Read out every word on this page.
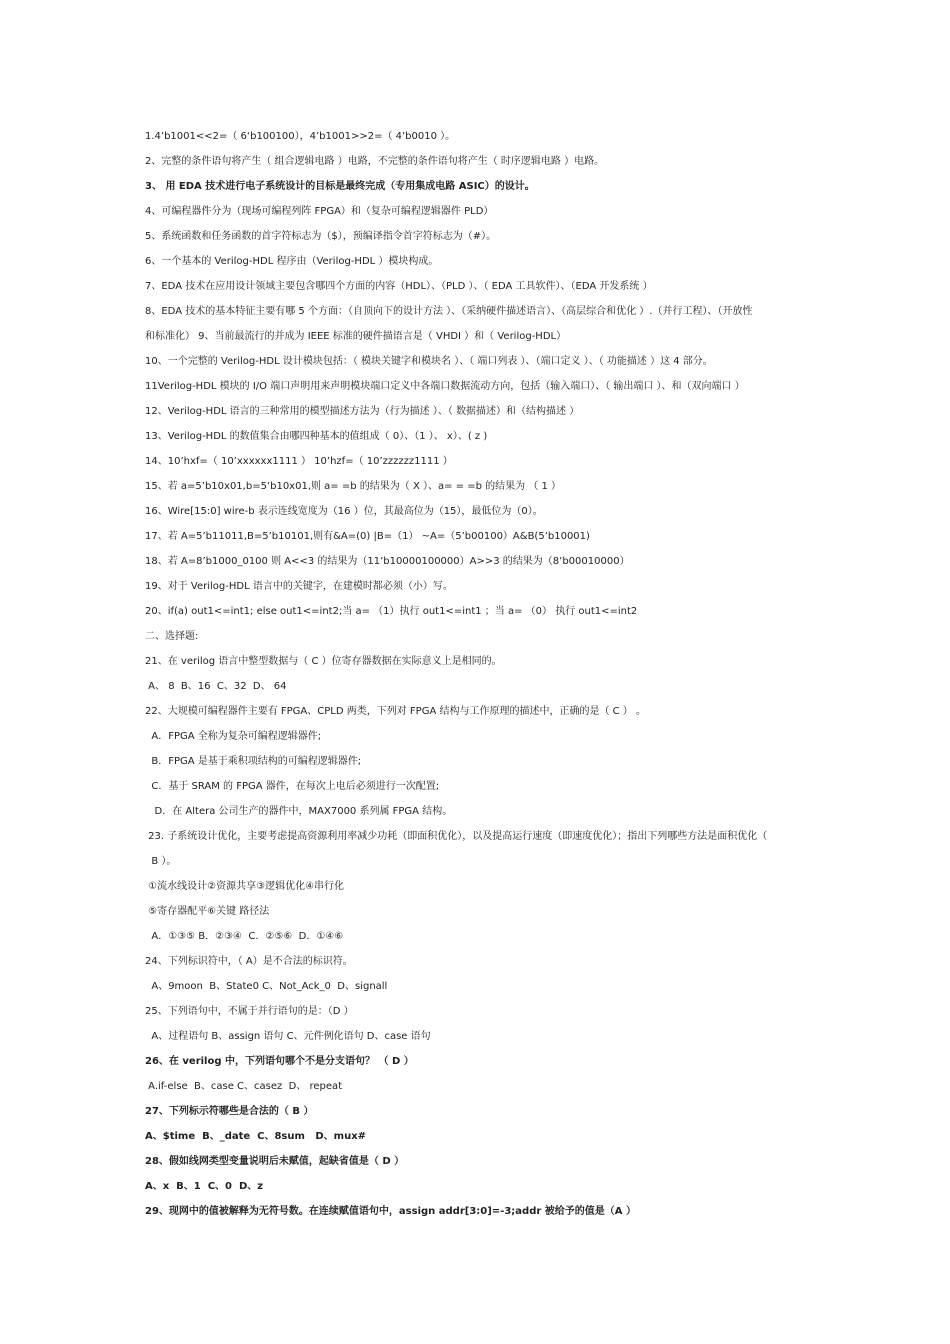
1.4’b1001<<2=（ 6‘b100100），4’b1001>>2=（ 4’b0010 ）。
2、完整的条件语句将产生（ 组合逻辑电路 ）电路，不完整的条件语句将产生（ 时序逻辑电路 ）电路。
3、 用 EDA 技术进行电子系统设计的目标是最终完成（专用集成电路 ASIC）的设计。
4、可编程器件分为（现场可编程列阵 FPGA）和（复杂可编程逻辑器件 PLD）
5、系统函数和任务函数的首字符标志为（$），预编译指令首字符标志为（#）。
6、一个基本的 Verilog-HDL 程序由（Verilog-HDL ）模块构成。
7、EDA 技术在应用设计领域主要包含哪四个方面的内容（HDL）、（PLD ）、（ EDA 工具软件）、（EDA 开发系统 ）
8、EDA 技术的基本特征主要有哪 5 个方面：（自顶向下的设计方法 ）、（采纳硬件描述语言）、（高层综合和优化 ）.（并行工程）、（开放性
和标准化） 9、当前最流行的并成为 IEEE 标准的硬件描语言是（ VHDI ）和（ Verilog-HDL）
10、一个完整的 Verilog-HDL 设计模块包括：（ 模块关键字和模块名 ）、（ 端口列表 ）、（端口定义 ）、（ 功能描述 ）这 4 部分。
11Verilog-HDL 模块的 I/O 端口声明用来声明模块端口定义中各端口数据流动方向，包括（输入端口）、（ 输出端口 ）、和（双向端口 ）
12、Verilog-HDL 语言的三种常用的模型描述方法为（行为描述 ）、（ 数据描述）和（结构描述 ）
13、Verilog-HDL 的数值集合由哪四种基本的值组成（ 0）、（1 ）、 x）、( z )
14、10’hxf=（ 10’xxxxxx1111 ） 10’hzf=（ 10’zzzzzz1111 ）
15、若 a=5’b10x01,b=5’b10x01,则 a= =b 的结果为（ X ）、a= = =b 的结果为 （ 1 ）
16、Wire[15:0] wire-b 表示连线宽度为（16 ）位，其最高位为（15），最低位为（0）。
17、若 A=5’b11011,B=5’b10101,则有&A=(0) |B=（1） ~A=（5’b00100）A&B(5’b10001)
18、若 A=8’b1000_0100 则 A<<3 的结果为（11’b10000100000）A>>3 的结果为（8’b00010000）
19、对于 Verilog-HDL 语言中的关键字，在建模时都必须（小）写。
20、if(a) out1<=int1; else out1<=int2;当 a= （1）执行 out1<=int1 ；当 a= （0） 执行 out1<=int2
二、选择题:
21、在 verilog 语言中整型数据与（ C ）位寄存器数据在实际意义上是相同的。
A、 8  B、16  C、32  D、 64
22、大规模可编程器件主要有 FPGA、CPLD 两类，下列对 FPGA 结构与工作原理的描述中，正确的是（ C ） 。
A．FPGA 全称为复杂可编程逻辑器件;
B．FPGA 是基于乘积项结构的可编程逻辑器件;
C．基于 SRAM 的 FPGA 器件，在每次上电后必须进行一次配置;
D．在 Altera 公司生产的器件中，MAX7000 系列属 FPGA 结构。
23. 子系统设计优化，主要考虑提高资源利用率减少功耗（即面积优化），以及提高运行速度（即速度优化）；指出下列哪些方法是面积优化（
B ）。
①流水线设计②资源共享③逻辑优化④串行化
⑤寄存器配平⑥关键 路径法
A．①③⑤ B．②③④  C．②⑤⑥  D．①④⑥
24、下列标识符中，（ A）是不合法的标识符。
A、9moon  B、State0 C、Not_Ack_0  D、signall
25、下列语句中，不属于并行语句的是：（D ）
A、过程语句 B、assign 语句 C、元件例化语句 D、case 语句
26、在 verilog 中，下列语句哪个不是分支语句？ （ D ）
A.if-else  B、case C、casez  D、 repeat
27、下列标示符哪些是合法的（ B ）
A、$time  B、_date  C、8sum   D、mux#
28、假如线网类型变量说明后未赋值，起缺省值是（ D ）
A、x  B、1  C、0  D、z
29、现网中的值被解释为无符号数。在连续赋值语句中，assign addr[3:0]=-3;addr 被给予的值是（A ）
